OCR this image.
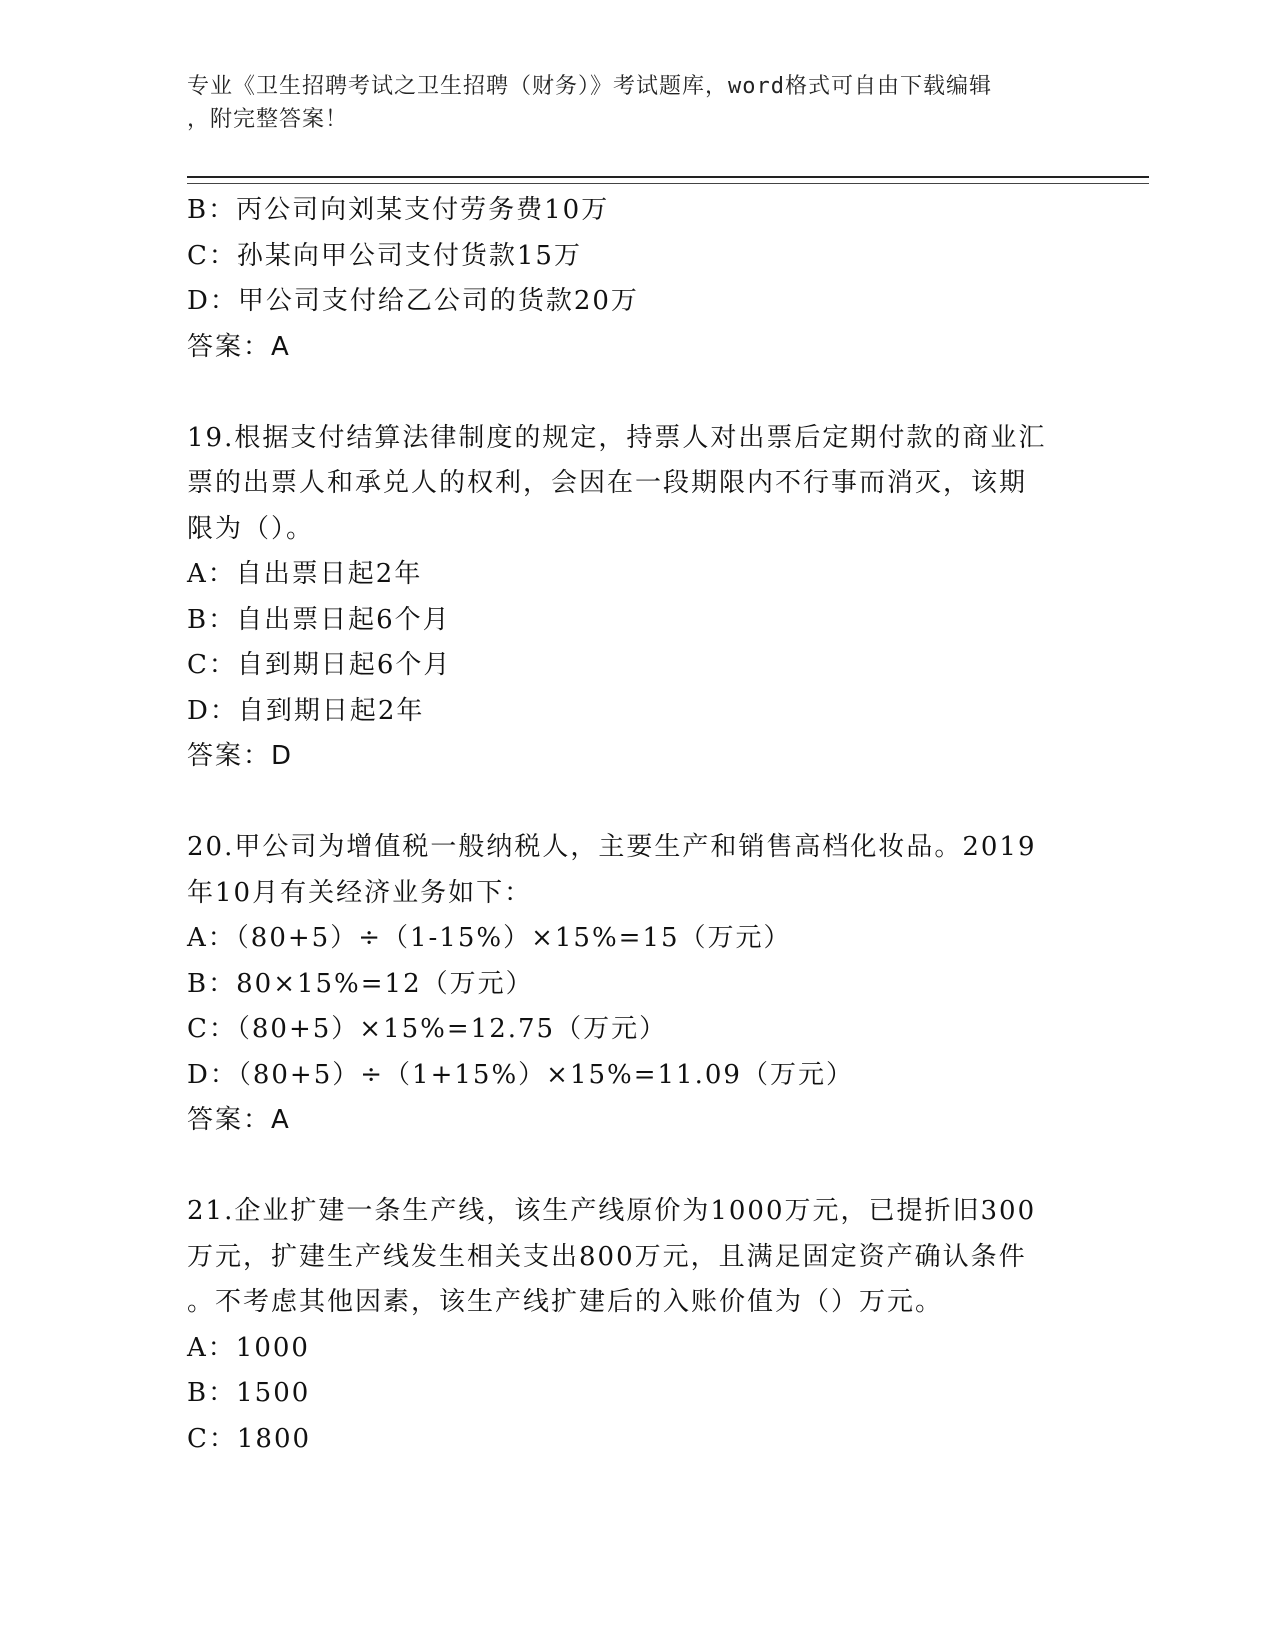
专业《卫生招聘考试之卫生招聘（财务）》考试题库，word格式可自由下载编辑
，附完整答案！
B：丙公司向刘某支付劳务费10万
C：孙某向甲公司支付货款15万
D：甲公司支付给乙公司的货款20万
答案：A
19.根据支付结算法律制度的规定，持票人对出票后定期付款的商业汇
票的出票人和承兑人的权利，会因在一段期限内不行事而消灭，该期
限为（）。
A：自出票日起2年
B：自出票日起6个月
C：自到期日起6个月
D：自到期日起2年
答案：D
20.甲公司为增值税一般纳税人，主要生产和销售高档化妆品。2019
年10月有关经济业务如下：
A：（80+5）÷（1-15%）×15%=15（万元）
B：80×15%=12（万元）
C：（80+5）×15%=12.75（万元）
D：（80+5）÷（1+15%）×15%=11.09（万元）
答案：A
21.企业扩建一条生产线，该生产线原价为1000万元，已提折旧300
万元，扩建生产线发生相关支出800万元，且满足固定资产确认条件
。不考虑其他因素，该生产线扩建后的入账价值为（）万元。
A：1000
B：1500
C：1800
